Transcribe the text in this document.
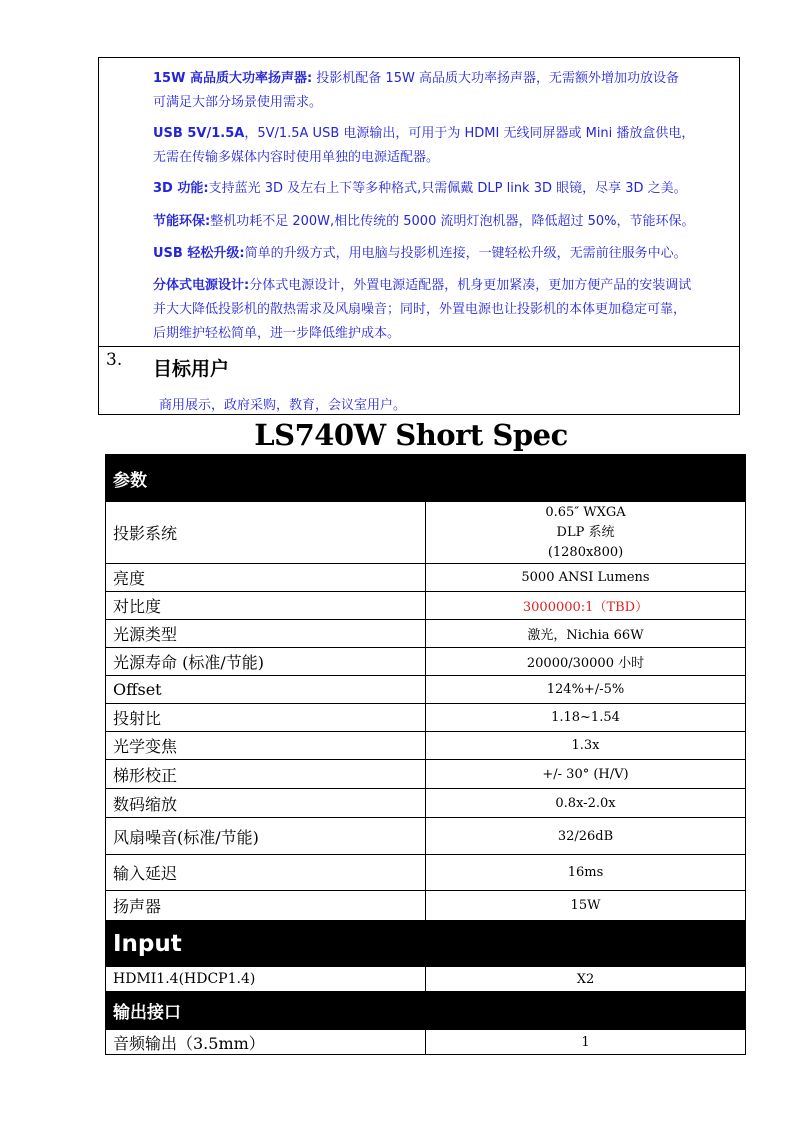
15W 高品质大功率扬声器: 投影机配备 15W 高品质大功率扬声器，无需额外增加功放设备
可满足大部分场景使用需求。
USB 5V/1.5A，5V/1.5A USB 电源输出，可用于为 HDMI 无线同屏器或 Mini 播放盒供电，
无需在传输多媒体内容时使用单独的电源适配器。
3D 功能:支持蓝光 3D 及左右上下等多种格式,只需佩戴 DLP link 3D 眼镜，尽享 3D 之美。
节能环保:整机功耗不足 200W,相比传统的 5000 流明灯泡机器，降低超过 50%，节能环保。
USB 轻松升级:简单的升级方式，用电脑与投影机连接，一键轻松升级，无需前往服务中心。
分体式电源设计:分体式电源设计，外置电源适配器，机身更加紧凑，更加方便产品的安装调试
并大大降低投影机的散热需求及风扇噪音；同时，外置电源也让投影机的本体更加稳定可靠，
后期维护轻松简单，进一步降低维护成本。
3. 目标用户
商用展示，政府采购，教育，会议室用户。
LS740W Short Spec
参数	
投影系统	0.65″ WXGA
DLP 系统
(1280x800)

亮度	5000 ANSI Lumens
对比度	3000000:1（TBD）
光源类型	激光，Nichia 66W
光源寿命 (标准/节能)	20000/30000 小时
Offset	124%+/-5%
投射比	1.18~1.54
光学变焦	1.3x
梯形校正	+/- 30° (H/V)
数码缩放	0.8x-2.0x
风扇噪音(标准/节能)	32/26dB
输入延迟	16ms
扬声器	15W
Input	
HDMI1.4(HDCP1.4)	X2
输出接口	
音频输出（3.5mm）	1
